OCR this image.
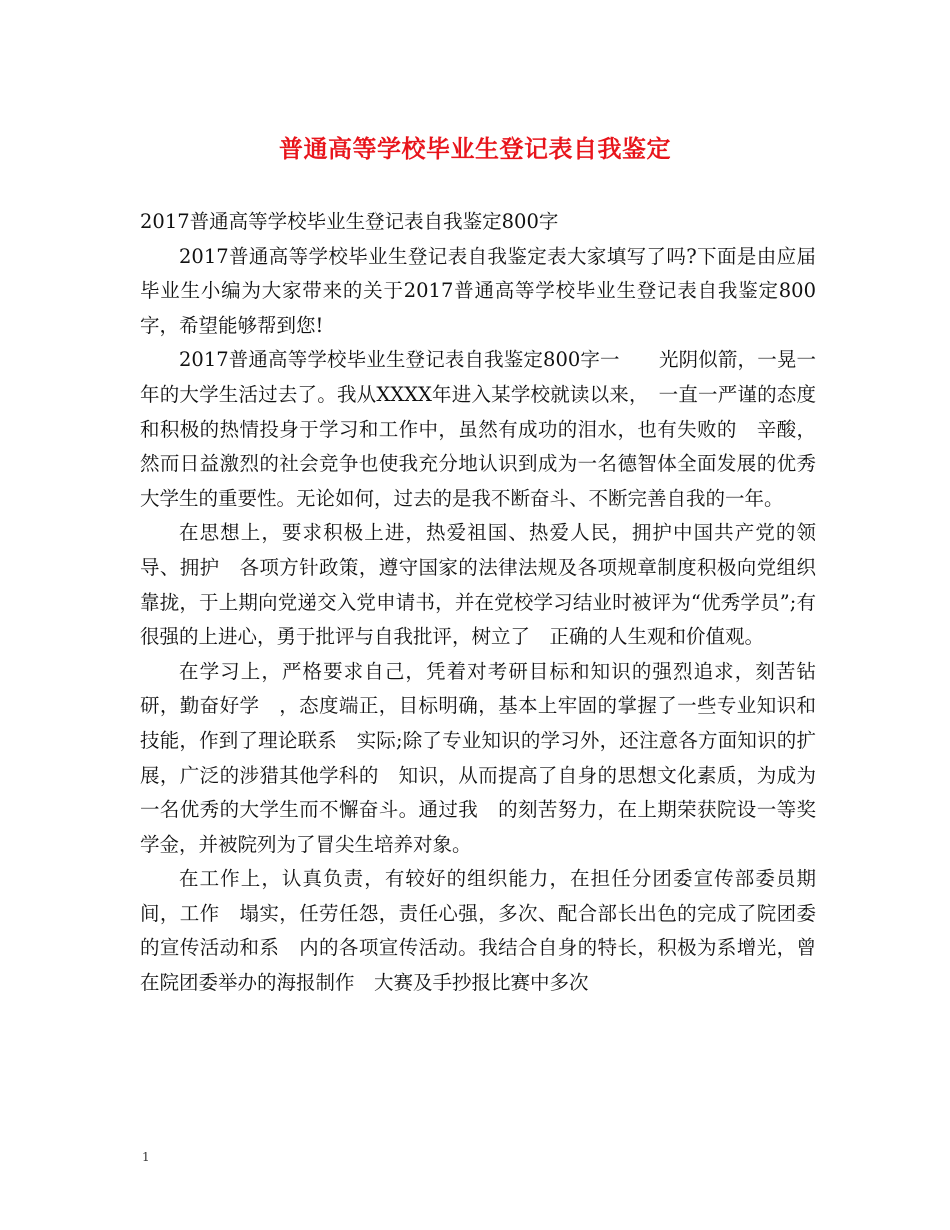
普通高等学校毕业生登记表自我鉴定

2017普通高等学校毕业生登记表自我鉴定800字

2017普通高等学校毕业生登记表自我鉴定表大家填写了吗?下面是由应届毕业生小编为大家带来的关于2017普通高等学校毕业生登记表自我鉴定800字，希望能够帮到您!

2017普通高等学校毕业生登记表自我鉴定800字一　　光阴似箭，一晃一年的大学生活过去了。我从XXXX年进入某学校就读以来，　一直一严谨的态度和积极的热情投身于学习和工作中，虽然有成功的泪水，也有失败的　辛酸，然而日益激烈的社会竞争也使我充分地认识到成为一名德智体全面发展的优秀　大学生的重要性。无论如何，过去的是我不断奋斗、不断完善自我的一年。

在思想上，要求积极上进，热爱祖国、热爱人民，拥护中国共产党的领导、拥护　各项方针政策，遵守国家的法律法规及各项规章制度积极向党组织靠拢，于上期向党递交入党申请书，并在党校学习结业时被评为“优秀学员”;有很强的上进心，勇于批评与自我批评，树立了　正确的人生观和价值观。

在学习上，严格要求自己，凭着对考研目标和知识的强烈追求，刻苦钻研，勤奋好学　，态度端正，目标明确，基本上牢固的掌握了一些专业知识和技能，作到了理论联系　实际;除了专业知识的学习外，还注意各方面知识的扩展，广泛的涉猎其他学科的　知识，从而提高了自身的思想文化素质，为成为一名优秀的大学生而不懈奋斗。通过我　的刻苦努力，在上期荣获院设一等奖学金，并被院列为了冒尖生培养对象。

在工作上，认真负责，有较好的组织能力，在担任分团委宣传部委员期间，工作　塌实，任劳任怨，责任心强，多次、配合部长出色的完成了院团委的宣传活动和系　内的各项宣传活动。我结合自身的特长，积极为系增光，曾在院团委举办的海报制作　大赛及手抄报比赛中多次

1
